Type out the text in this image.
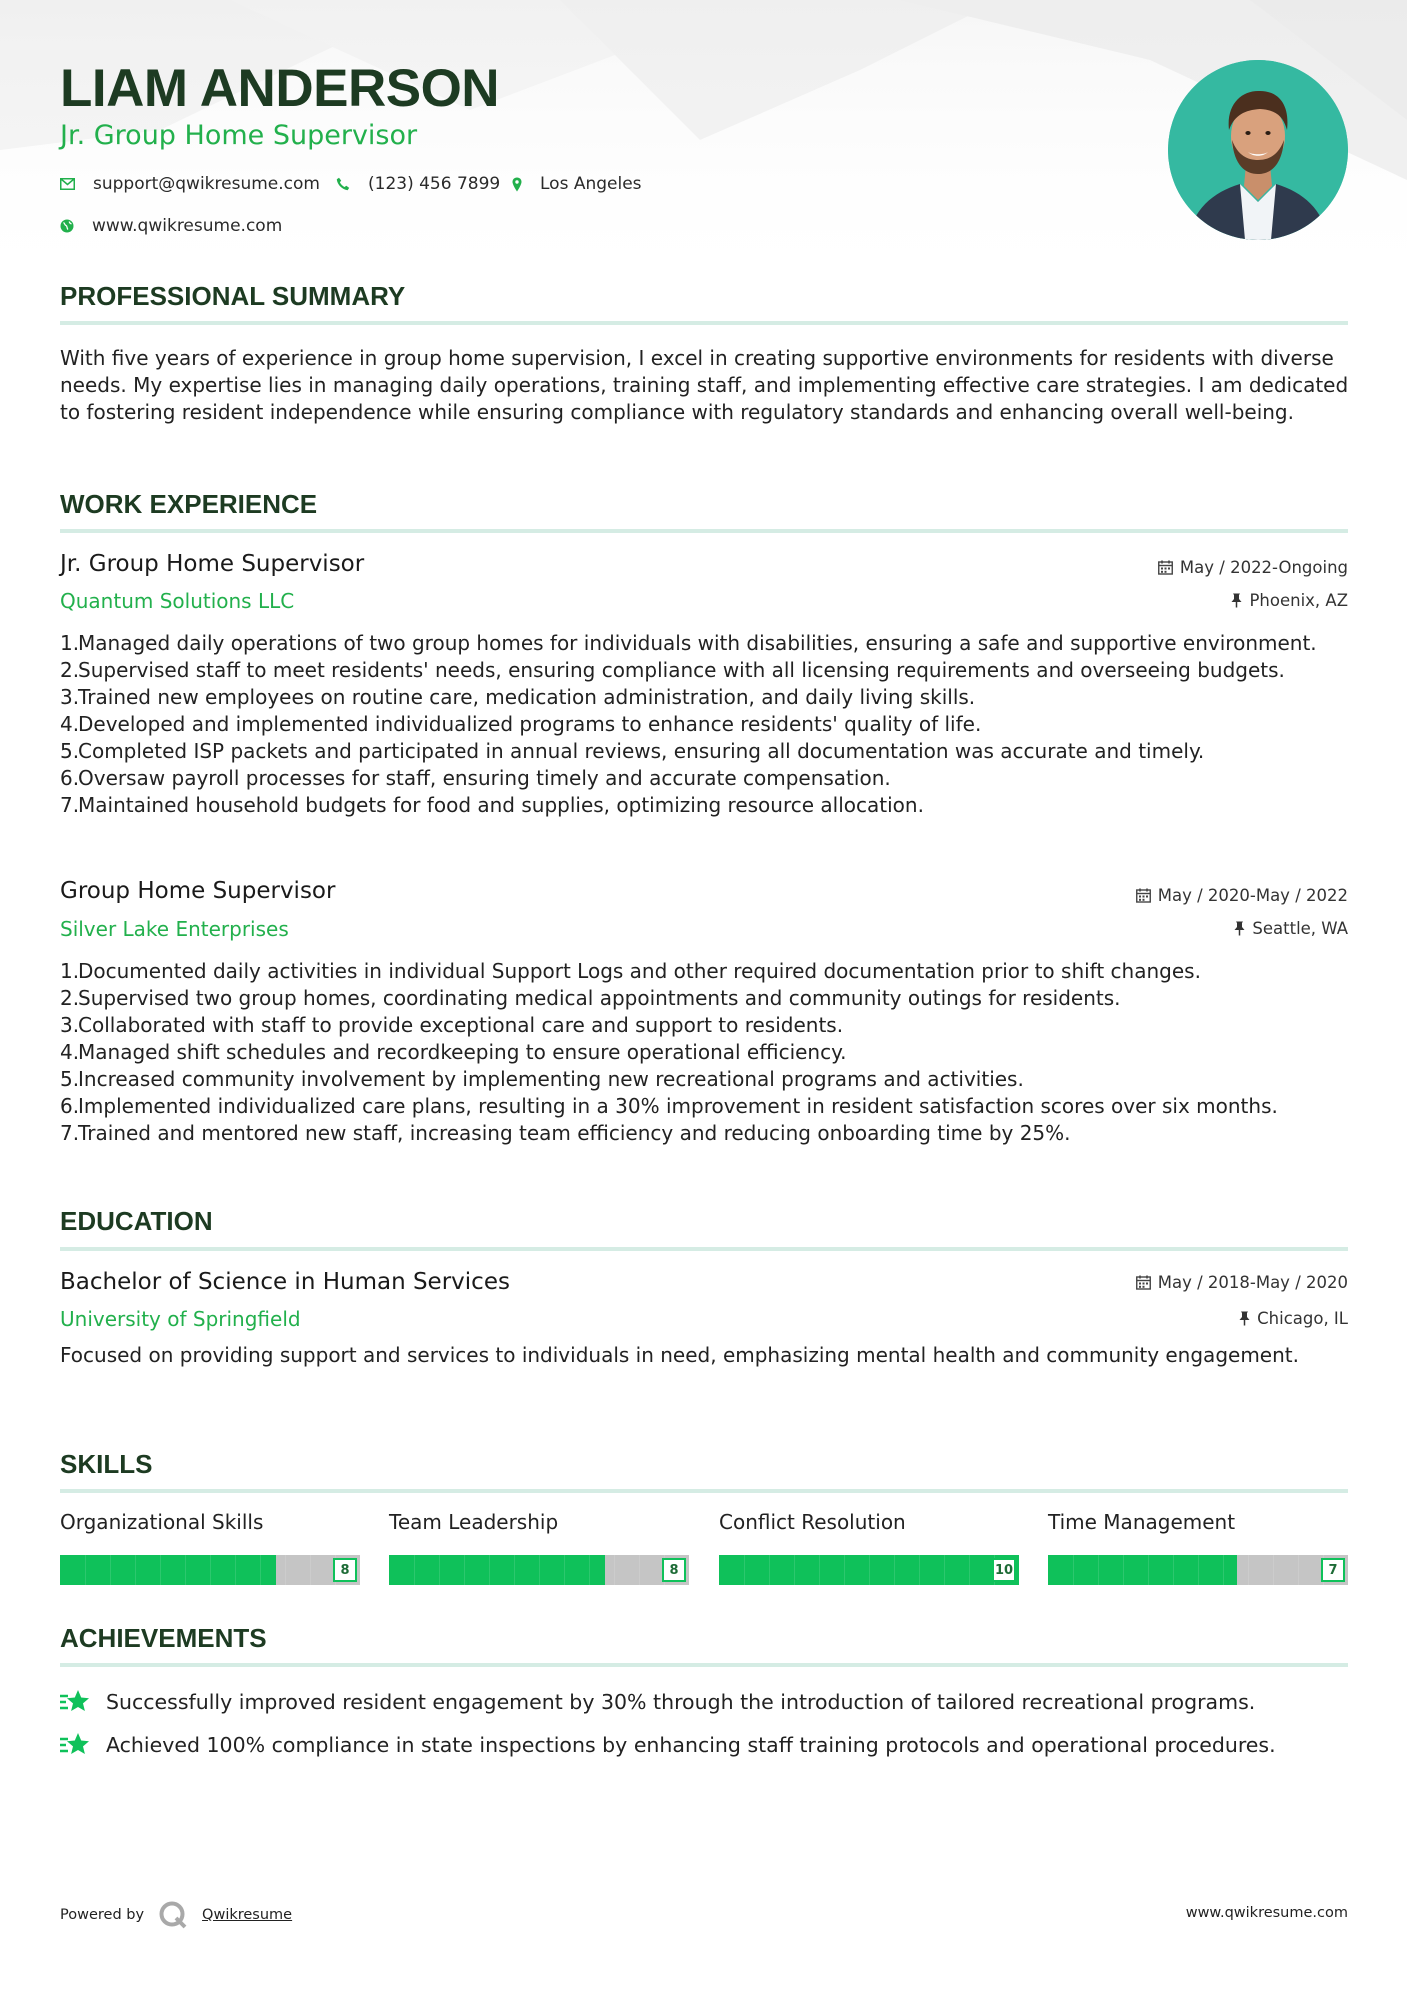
LIAM ANDERSON
Jr. Group Home Supervisor
support@qwikresume.com	(123) 456 7899 Los Angeles
www.qwikresume.com
PROFESSIONAL SUMMARY
With five years of experience in group home supervision, I excel in creating supportive environments for residents with diverse needs. My expertise lies in managing daily operations, training staff, and implementing effective care strategies. I am dedicated to fostering resident independence while ensuring compliance with regulatory standards and enhancing overall well-being.
WORK EXPERIENCE
Jr. Group Home Supervisor	May / 2022-Ongoing
Quantum Solutions LLC	Phoenix, AZ
1.
Managed daily operations of two group homes for individuals with disabilities, ensuring a safe and supportive environment.
2.
Supervised staff to meet residents' needs, ensuring compliance with all licensing requirements and overseeing budgets.
3.
Trained new employees on routine care, medication administration, and daily living skills.
4.
Developed and implemented individualized programs to enhance residents' quality of life.
5.
Completed ISP packets and participated in annual reviews, ensuring all documentation was accurate and timely.
6.
Oversaw payroll processes for staff, ensuring timely and accurate compensation.
7.
Maintained household budgets for food and supplies, optimizing resource allocation.
Group Home Supervisor	May / 2020-May / 2022
Silver Lake Enterprises	Seattle, WA
1.
Documented daily activities in individual Support Logs and other required documentation prior to shift changes.
2.
Supervised two group homes, coordinating medical appointments and community outings for residents.
3.
Collaborated with staff to provide exceptional care and support to residents.
4.
Managed shift schedules and recordkeeping to ensure operational efficiency.
5.
Increased community involvement by implementing new recreational programs and activities.
6.
Implemented individualized care plans, resulting in a 30% improvement in resident satisfaction scores over six months.
7.
Trained and mentored new staff, increasing team efficiency and reducing onboarding time by 25%.
EDUCATION
Bachelor of Science in Human Services	May / 2018-May / 2020
University of Springfield	Chicago, IL
Focused on providing support and services to individuals in need, emphasizing mental health and community engagement.
SKILLS
Organizational Skills
8
Team Leadership
8
Conflict Resolution
10
Time Management
7
ACHIEVEMENTS
Successfully improved resident engagement by 30% through the introduction of tailored recreational programs.
Achieved 100% compliance in state inspections by enhancing staff training protocols and operational procedures.
Powered by	Qwikresume	www.qwikresume.com
